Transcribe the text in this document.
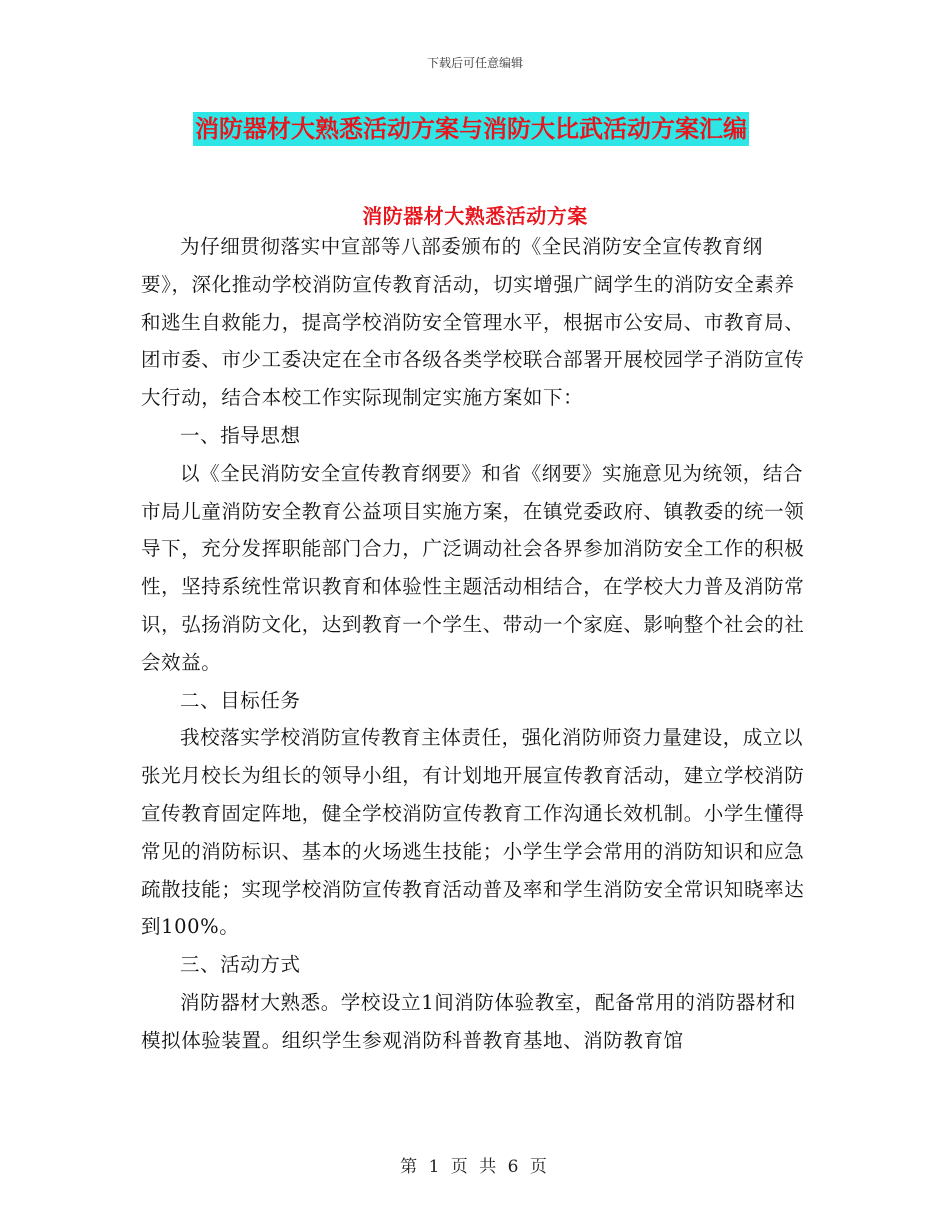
下载后可任意编辑
消防器材大熟悉活动方案与消防大比武活动方案汇编
消防器材大熟悉活动方案

为仔细贯彻落实中宣部等八部委颁布的《全民消防安全宣传教育纲要》，深化推动学校消防宣传教育活动，切实增强广阔学生的消防安全素养和逃生自救能力，提高学校消防安全管理水平，根据市公安局、市教育局、团市委、市少工委决定在全市各级各类学校联合部署开展校园学子消防宣传大行动，结合本校工作实际现制定实施方案如下：

一、指导思想

以《全民消防安全宣传教育纲要》和省《纲要》实施意见为统领，结合市局儿童消防安全教育公益项目实施方案，在镇党委政府、镇教委的统一领导下，充分发挥职能部门合力，广泛调动社会各界参加消防安全工作的积极性，坚持系统性常识教育和体验性主题活动相结合，在学校大力普及消防常识，弘扬消防文化，达到教育一个学生、带动一个家庭、影响整个社会的社会效益。

二、目标任务

我校落实学校消防宣传教育主体责任，强化消防师资力量建设，成立以张光月校长为组长的领导小组，有计划地开展宣传教育活动，建立学校消防宣传教育固定阵地，健全学校消防宣传教育工作沟通长效机制。小学生懂得常见的消防标识、基本的火场逃生技能；小学生学会常用的消防知识和应急疏散技能；实现学校消防宣传教育活动普及率和学生消防安全常识知晓率达到100%。

三、活动方式

消防器材大熟悉。学校设立1间消防体验教室，配备常用的消防器材和模拟体验装置。组织学生参观消防科普教育基地、消防教育馆

第 1 页 共 6 页
